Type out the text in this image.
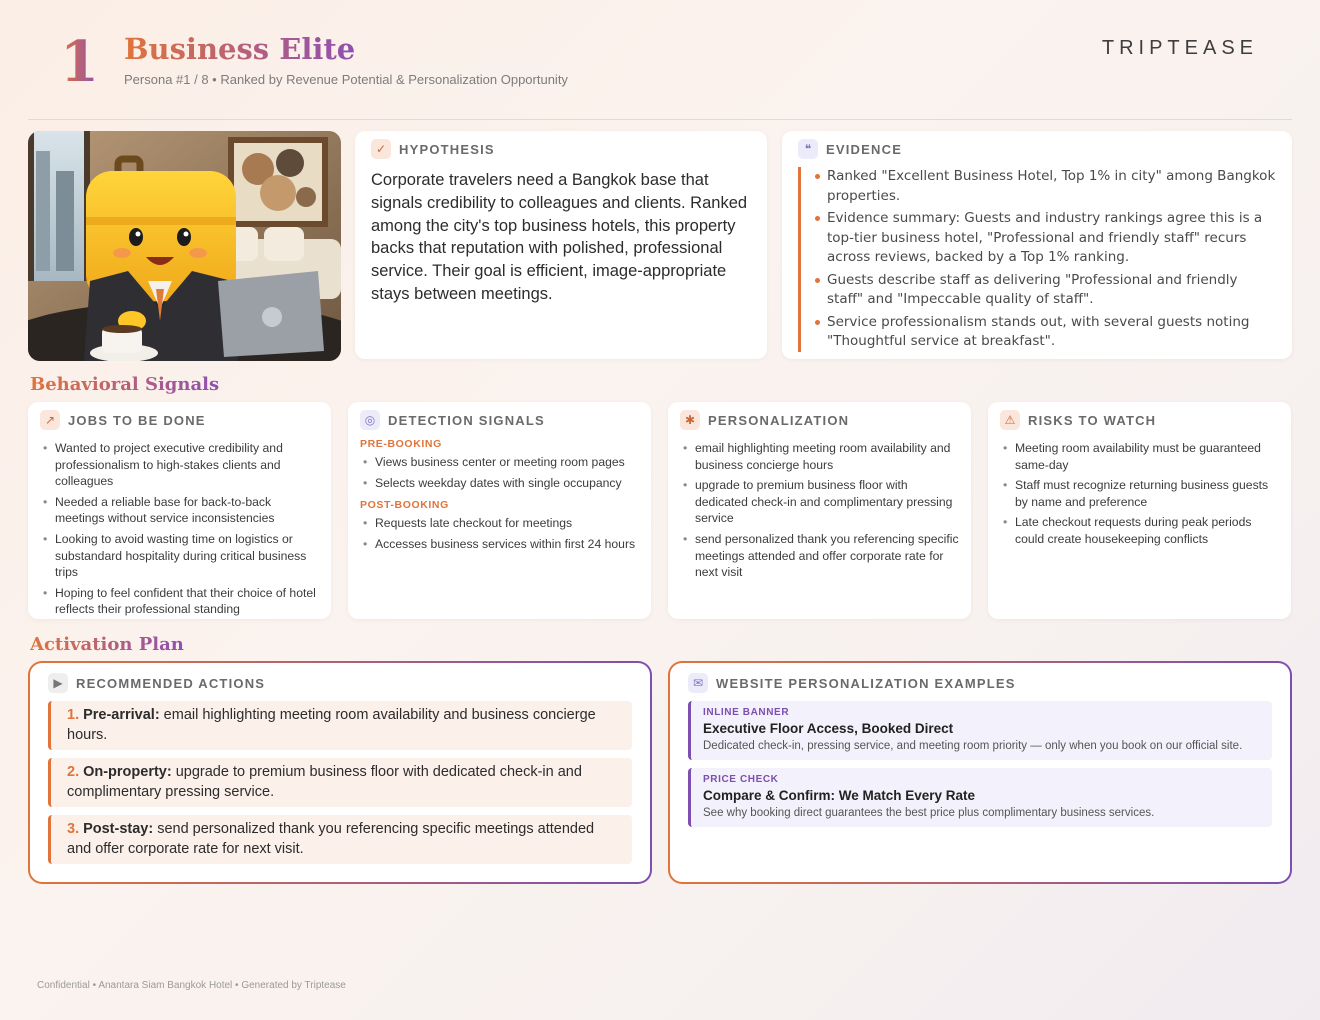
1 Business Elite
Persona #1 / 8 • Ranked by Revenue Potential & Personalization Opportunity
TRIPTEASE
✓ HYPOTHESIS

Corporate travelers need a Bangkok base that signals credibility to colleagues and clients. Ranked among the city's top business hotels, this property backs that reputation with polished, professional service. Their goal is efficient, image-appropriate stays between meetings.

❝	EVIDENCE
Ranked "Excellent Business Hotel, Top 1% in city" among Bangkok properties.
Evidence summary: Guests and industry rankings agree this is a top-tier business hotel, "Professional and friendly staff" recurs across reviews, backed by a Top 1% ranking.
Guests describe staff as delivering "Professional and friendly staff" and "Impeccable quality of staff".
Service professionalism stands out, with several guests noting "Thoughtful service at breakfast".
Behavioral Signals
↗ JOBS TO BE DONE
• Wanted to project executive credibility and professionalism to high-stakes clients and colleagues
• Needed a reliable base for back-to-back meetings without service inconsistencies
• Looking to avoid wasting time on logistics or substandard hospitality during critical business trips
• Hoping to feel confident that their choice of hotel reflects their professional standing
◎ DETECTION SIGNALS
PRE-BOOKING
• Views business center or meeting room pages
• Selects weekday dates with single occupancy
POST-BOOKING
• Requests late checkout for meetings
• Accesses business services within first 24 hours
✱ PERSONALIZATION
• email highlighting meeting room availability and business concierge hours
• upgrade to premium business floor with dedicated check-in and complimentary pressing service
• send personalized thank you referencing specific meetings attended and offer corporate rate for next visit
⚠ RISKS TO WATCH
• Meeting room availability must be guaranteed same-day
• Staff must recognize returning business guests by name and preference
• Late checkout requests during peak periods could create housekeeping conflicts
Activation Plan
▶	RECOMMENDED ACTIONS
1. Pre-arrival: email highlighting meeting room availability and business concierge hours.
2. On-property: upgrade to premium business floor with dedicated check-in and complimentary pressing service.
3. Post-stay: send personalized thank you referencing specific meetings attended and offer corporate rate for next visit.
✉ WEBSITE PERSONALIZATION EXAMPLES
INLINE BANNER
Executive Floor Access, Booked Direct
Dedicated check-in, pressing service, and meeting room priority — only when you book on our official site.
PRICE CHECK
Compare & Confirm: We Match Every Rate
See why booking direct guarantees the best price plus complimentary business services.
Confidential • Anantara Siam Bangkok Hotel • Generated by Triptease
